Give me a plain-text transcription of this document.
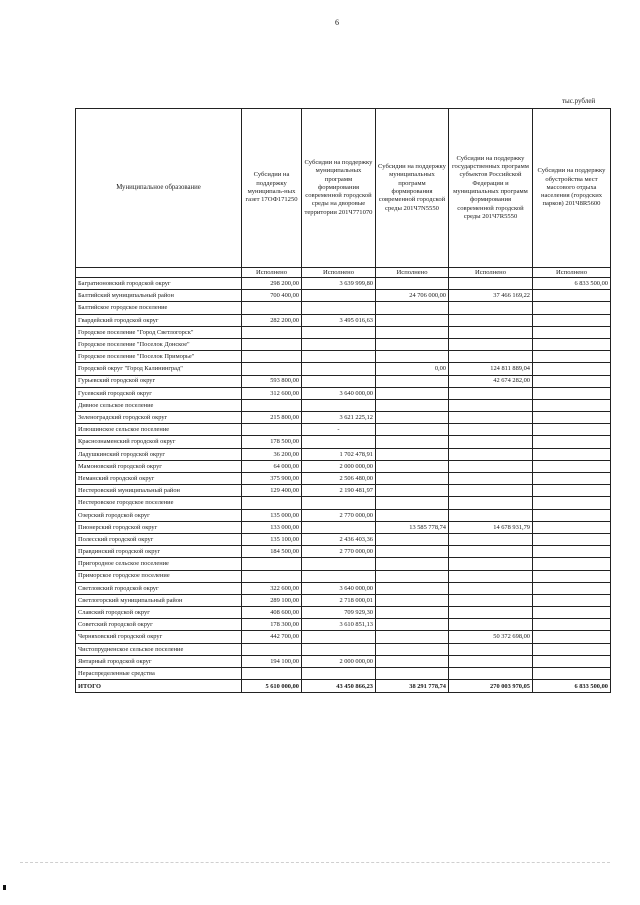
6
тыс.рублей
Муниципальное образование	Субсидии на поддержку муниципаль-ных газет 17ОФ171250	Субсидии на поддержку муниципальных программ формирования современной городской среды на дворовые территории 201Ч771070	Субсидии на поддержку муниципальных программ формирования современной городской среды 201Ч7N5550	Субсидии на поддержку государственных программ субъектов Российской Федерации и муниципальных программ формирования современной городской среды 201Ч7R5550	Субсидии на поддержку обустройства мест массового отдыха населения (городских парков) 201Ч8R5600
	Исполнено	Исполнено	Исполнено	Исполнено	Исполнено
Багратионовский городской округ	298 200,00	3 639 999,80			6 833 500,00
Балтийский муниципальный район	700 400,00		24 706 000,00	37 466 169,22	
Балтийское городское поселение					
Гвардейский городской округ	282 200,00	3 495 016,63			
Городское поселение "Город Светлогорск"					
Городское поселение "Поселок Донское"					
Городское поселение "Поселок Приморье"					
Городской округ "Город Калининград"			0,00	124 811 889,04	
Гурьевский городской округ	593 800,00			42 674 282,00	
Гусевский городской округ	312 600,00	3 640 000,00			
Дивное сельское поселение					
Зеленоградский городской округ	215 800,00	3 621 225,12			
Илюшинское сельское поселение		-			
Краснознаменский городской округ	178 500,00				
Ладушкинский городской округ	36 200,00	1 702 478,91			
Мамоновский городской округ	64 000,00	2 000 000,00			
Неманский городской округ	375 900,00	2 506 480,00			
Нестеровский муниципальный район	129 400,00	2 190 481,97			
Нестеровское городское поселение					
Озерский городской округ	135 000,00	2 770 000,00			
Пионерский городской округ	133 000,00		13 585 778,74	14 678 931,79	
Полесский городской округ	135 100,00	2 436 403,36			
Правдинский городской округ	184 500,00	2 770 000,00			
Пригородное сельское поселение					
Приморское городское поселение					
Светловский городской округ	322 600,00	3 640 000,00			
Светлогорский муниципальный район	289 100,00	2 718 000,01			
Славский городской округ	408 600,00	709 929,30			
Советский городской округ	178 300,00	3 610 851,13			
Черняховский городской округ	442 700,00			50 372 698,00	
Чистопрудненское сельское поселение					
Янтарный городской округ	194 100,00	2 000 000,00			
Нераспределенные средства					
ИТОГО	5 610 000,00	43 450 866,23	38 291 778,74	270 003 970,05	6 833 500,00
